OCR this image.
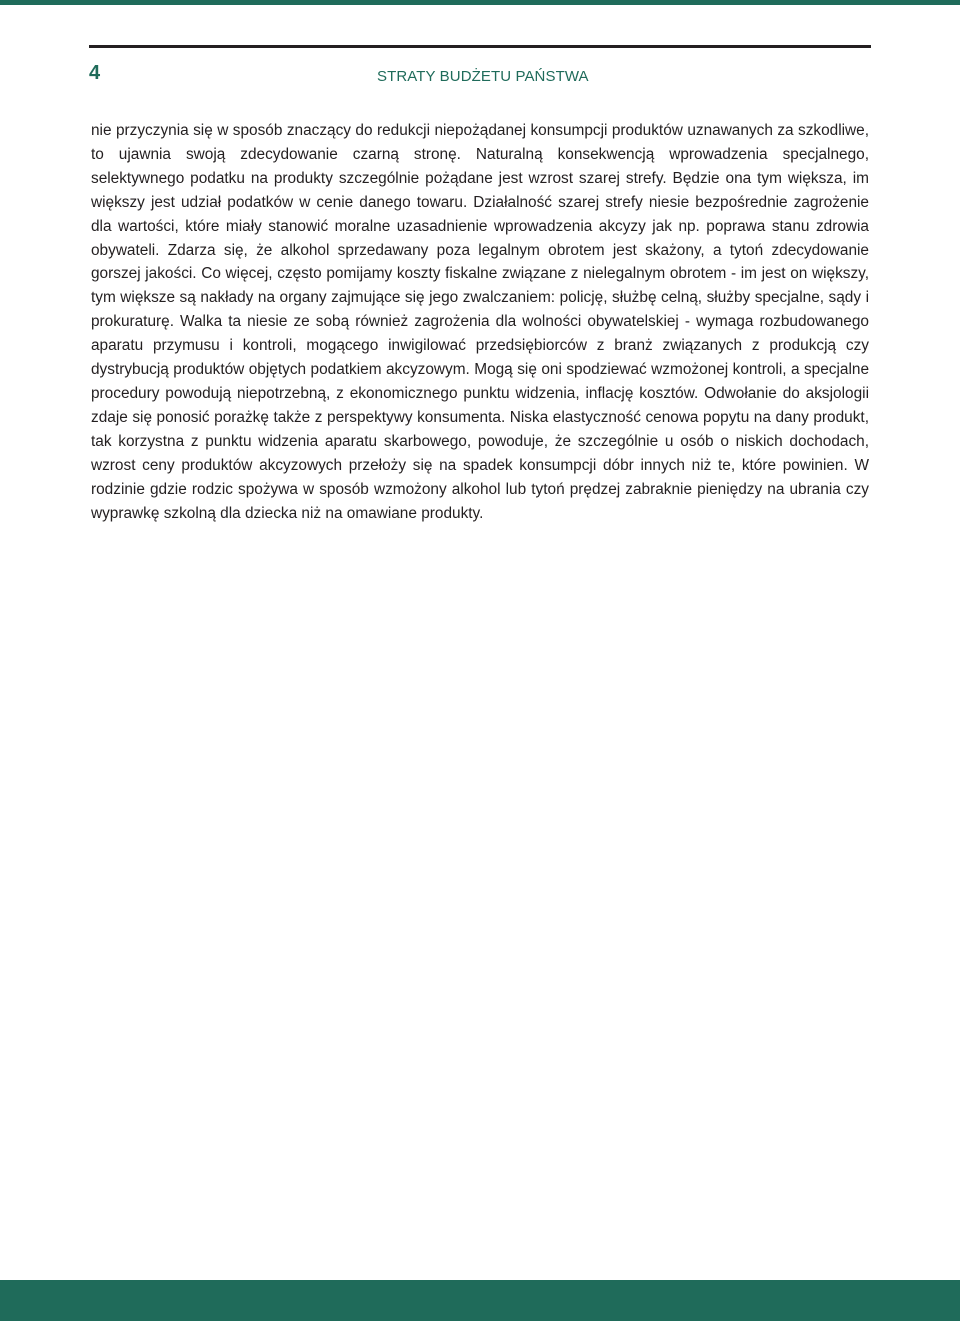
4	STRATY BUDŻETU PAŃSTWA

nie przyczynia się w sposób znaczący do redukcji niepożądanej konsumpcji produktów uznawanych za szkodliwe, to ujawnia swoją zdecydowanie czarną stronę. Naturalną konsekwencją wprowadzenia specjalnego, selektywnego podatku na produkty szczególnie pożądane jest wzrost szarej strefy. Będzie ona tym większa, im większy jest udział podatków w cenie danego towaru. Działalność szarej strefy niesie bezpośrednie zagrożenie dla wartości, które miały stanowić moralne uzasadnienie wprowadzenia akcyzy jak np. poprawa stanu zdrowia obywateli. Zdarza się, że alkohol sprzedawany poza legalnym obrotem jest skażony, a tytoń zdecydowanie gorszej jakości. Co więcej, często pomijamy koszty fiskalne związane z nielegalnym obrotem - im jest on większy, tym większe są nakłady na organy zajmujące się jego zwalczaniem: policję, służbę celną, służby specjalne, sądy i prokuraturę. Walka ta niesie ze sobą również zagrożenia dla wolności obywatelskiej - wymaga rozbudowanego aparatu przymusu i kontroli, mogącego inwigilować przedsiębiorców z branż związanych z produkcją czy dystrybucją produktów objętych podatkiem akcyzowym. Mogą się oni spodziewać wzmożonej kontroli, a specjalne procedury powodują niepotrzebną, z ekonomicznego punktu widzenia, inflację kosztów. Odwołanie do aksjologii zdaje się ponosić porażkę także z perspektywy konsumenta. Niska elastyczność cenowa popytu na dany produkt, tak korzystna z punktu widzenia aparatu skarbowego, powoduje, że szczególnie u osób o niskich dochodach, wzrost ceny produktów akcyzowych przełoży się na spadek konsumpcji dóbr innych niż te, które powinien. W rodzinie gdzie rodzic spożywa w sposób wzmożony alkohol lub tytoń prędzej zabraknie pieniędzy na ubrania czy wyprawkę szkolną dla dziecka niż na omawiane produkty.
